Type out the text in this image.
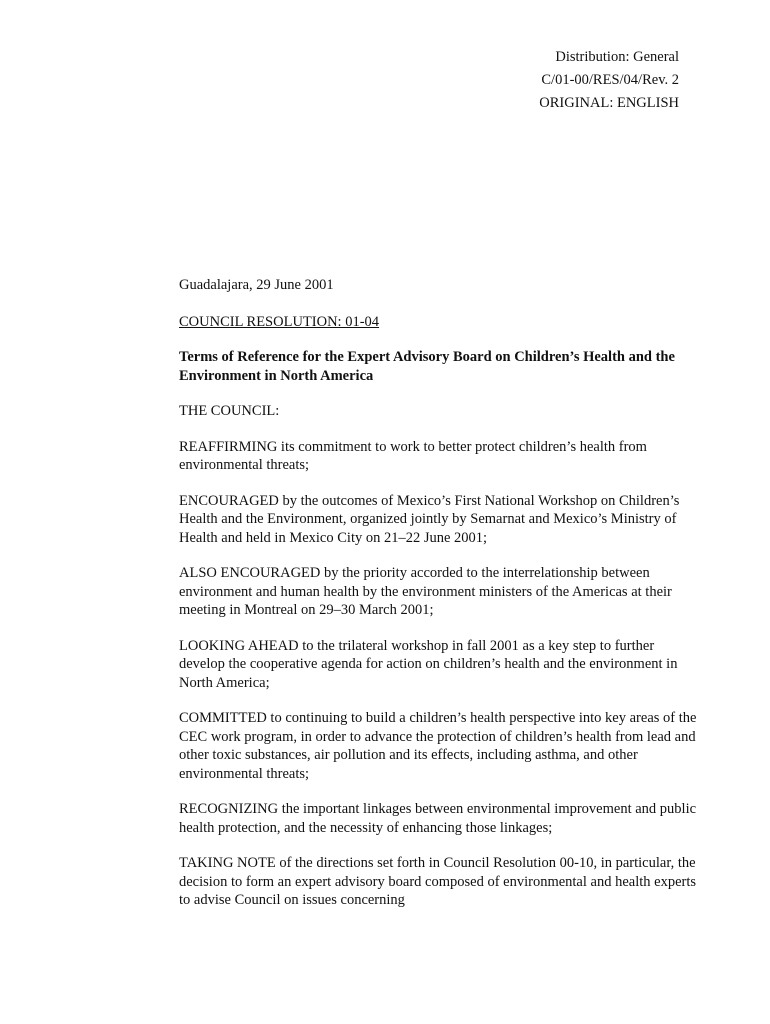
Distribution: General
C/01-00/RES/04/Rev. 2
ORIGINAL: ENGLISH

Guadalajara, 29 June 2001

COUNCIL RESOLUTION: 01-04

Terms of Reference for the Expert Advisory Board on Children’s Health and the Environment in North America

THE COUNCIL:

REAFFIRMING its commitment to work to better protect children’s health from environmental threats;

ENCOURAGED by the outcomes of Mexico’s First National Workshop on Children’s Health and the Environment, organized jointly by Semarnat and Mexico’s Ministry of Health and held in Mexico City on 21–22 June 2001;

ALSO ENCOURAGED by the priority accorded to the interrelationship between environment and human health by the environment ministers of the Americas at their meeting in Montreal on 29–30 March 2001;

LOOKING AHEAD to the trilateral workshop in fall 2001 as a key step to further develop the cooperative agenda for action on children’s health and the environment in North America;

COMMITTED to continuing to build a children’s health perspective into key areas of the CEC work program, in order to advance the protection of children’s health from lead and other toxic substances, air pollution and its effects, including asthma, and other environmental threats;

RECOGNIZING the important linkages between environmental improvement and public health protection, and the necessity of enhancing those linkages;

TAKING NOTE of the directions set forth in Council Resolution 00-10, in particular, the decision to form an expert advisory board composed of environmental and health experts to advise Council on issues concerning
